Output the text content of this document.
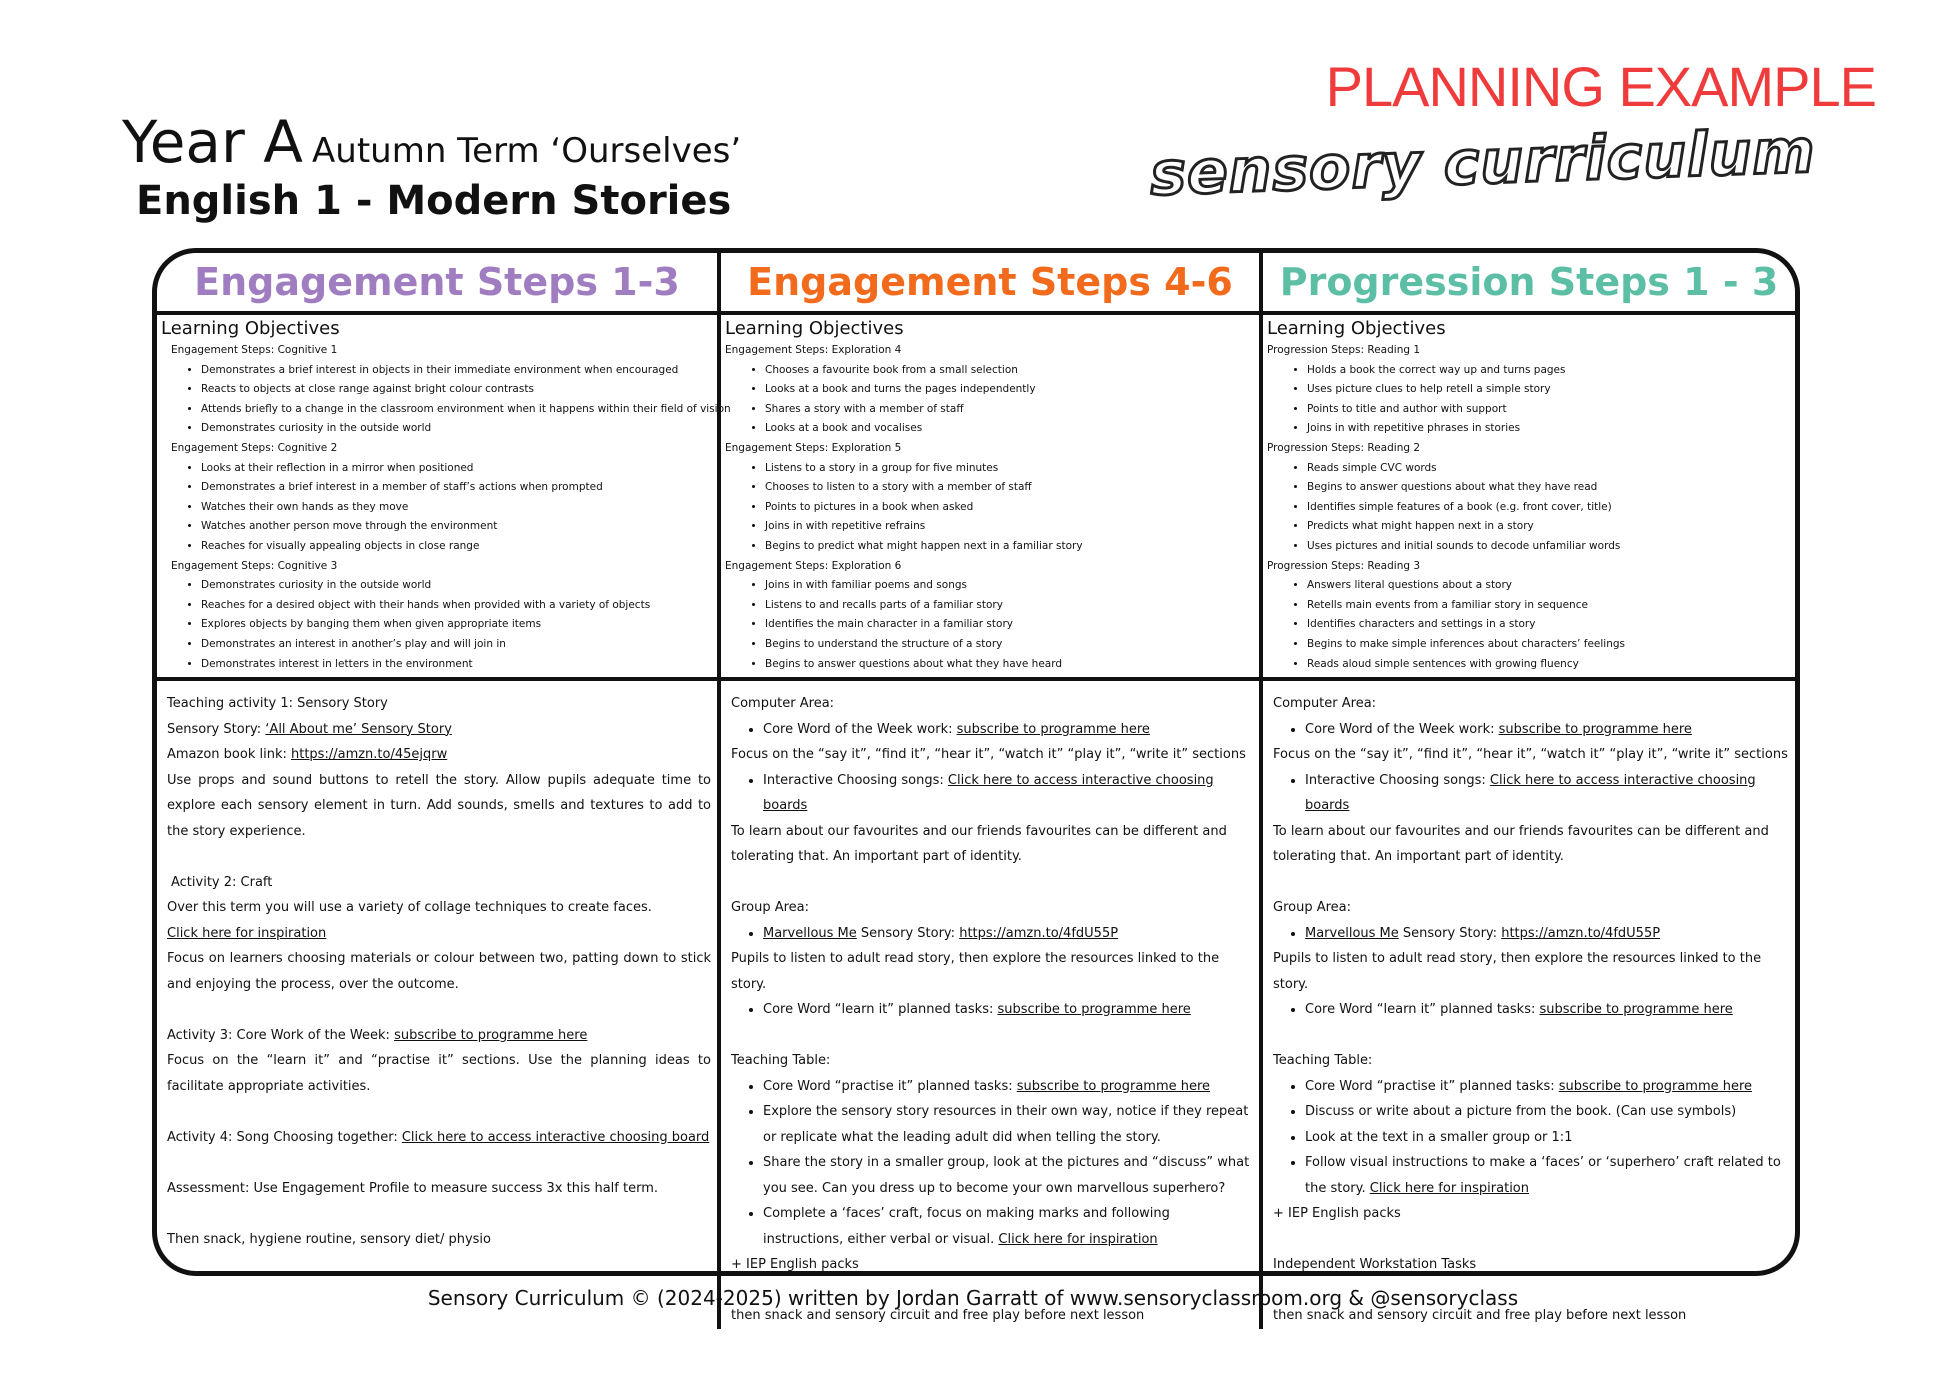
Year A Autumn Term ‘Ourselves’
English 1 - Modern Stories
PLANNING EXAMPLE
sensory curriculum
Engagement Steps 1-3	Engagement Steps 4-6	Progression Steps 1 - 3
Learning Objectives
Engagement Steps: Cognitive 1
• Demonstrates a brief interest in objects in their immediate environment when encouraged
• Reacts to objects at close range against bright colour contrasts
• Attends briefly to a change in the classroom environment when it happens within their field of vision
• Demonstrates curiosity in the outside world
Engagement Steps: Cognitive 2
• Looks at their reflection in a mirror when positioned
• Demonstrates a brief interest in a member of staff’s actions when prompted
• Watches their own hands as they move
• Watches another person move through the environment
• Reaches for visually appealing objects in close range
Engagement Steps: Cognitive 3
• Demonstrates curiosity in the outside world
• Reaches for a desired object with their hands when provided with a variety of objects
• Explores objects by banging them when given appropriate items
• Demonstrates an interest in another’s play and will join in
• Demonstrates interest in letters in the environment
Learning Objectives
Engagement Steps: Exploration 4
• Chooses a favourite book from a small selection
• Looks at a book and turns the pages independently
• Shares a story with a member of staff
• Looks at a book and vocalises
Engagement Steps: Exploration 5
• Listens to a story in a group for five minutes
• Chooses to listen to a story with a member of staff
• Points to pictures in a book when asked
• Joins in with repetitive refrains
• Begins to predict what might happen next in a familiar story
Engagement Steps: Exploration 6
• Joins in with familiar poems and songs
• Listens to and recalls parts of a familiar story
• Identifies the main character in a familiar story
• Begins to understand the structure of a story
• Begins to answer questions about what they have heard
Learning Objectives
Progression Steps: Reading 1
• Holds a book the correct way up and turns pages
• Uses picture clues to help retell a simple story
• Points to title and author with support
• Joins in with repetitive phrases in stories
Progression Steps: Reading 2
• Reads simple CVC words
• Begins to answer questions about what they have read
• Identifies simple features of a book (e.g. front cover, title)
• Predicts what might happen next in a story
• Uses pictures and initial sounds to decode unfamiliar words
Progression Steps: Reading 3
• Answers literal questions about a story
• Retells main events from a familiar story in sequence
• Identifies characters and settings in a story
• Begins to make simple inferences about characters’ feelings
• Reads aloud simple sentences with growing fluency

Teaching activity 1: Sensory Story

Sensory Story: ‘All About me’ Sensory Story

Amazon book link: https://amzn.to/45ejqrw

Use props and sound buttons to retell the story. Allow pupils adequate time to explore each sensory element in turn. Add sounds, smells and textures to add to the story experience.

Activity 2: Craft

Over this term you will use a variety of collage techniques to create faces.

Click here for inspiration

Focus on learners choosing materials or colour between two, patting down to stick and enjoying the process, over the outcome.

Activity 3: Core Work of the Week: subscribe to programme here

Focus on the “learn it” and “practise it” sections. Use the planning ideas to facilitate appropriate activities.

Activity 4: Song Choosing together: Click here to access interactive choosing board

Assessment: Use Engagement Profile to measure success 3x this half term.

Then snack, hygiene routine, sensory diet/ physio

Computer Area:

• Core Word of the Week work: subscribe to programme here

Focus on the “say it”, “find it”, “hear it”, “watch it” “play it”, “write it” sections

• Interactive Choosing songs: Click here to access interactive choosing boards

To learn about our favourites and our friends favourites can be different and tolerating that. An important part of identity.

Group Area:

• Marvellous Me Sensory Story: https://amzn.to/4fdU55P

Pupils to listen to adult read story, then explore the resources linked to the story.

• Core Word “learn it” planned tasks: subscribe to programme here

Teaching Table:

• Core Word “practise it” planned tasks: subscribe to programme here
• Explore the sensory story resources in their own way, notice if they repeat or replicate what the leading adult did when telling the story.
• Share the story in a smaller group, look at the pictures and “discuss” what you see. Can you dress up to become your own marvellous superhero?
• Complete a ‘faces’ craft, focus on making marks and following instructions, either verbal or visual. Click here for inspiration

+ IEP English packs

then snack and sensory circuit and free play before next lesson

Computer Area:

• Core Word of the Week work: subscribe to programme here

Focus on the “say it”, “find it”, “hear it”, “watch it” “play it”, “write it” sections

• Interactive Choosing songs: Click here to access interactive choosing boards

To learn about our favourites and our friends favourites can be different and tolerating that. An important part of identity.

Group Area:

• Marvellous Me Sensory Story: https://amzn.to/4fdU55P

Pupils to listen to adult read story, then explore the resources linked to the story.

• Core Word “learn it” planned tasks: subscribe to programme here

Teaching Table:

• Core Word “practise it” planned tasks: subscribe to programme here
• Discuss or write about a picture from the book. (Can use symbols)
• Look at the text in a smaller group or 1:1
• Follow visual instructions to make a ‘faces’ or ‘superhero’ craft related to the story. Click here for inspiration

+ IEP English packs

Independent Workstation Tasks

then snack and sensory circuit and free play before next lesson

Sensory Curriculum © (2024-2025) written by Jordan Garratt of www.sensoryclassroom.org & @sensoryclass
